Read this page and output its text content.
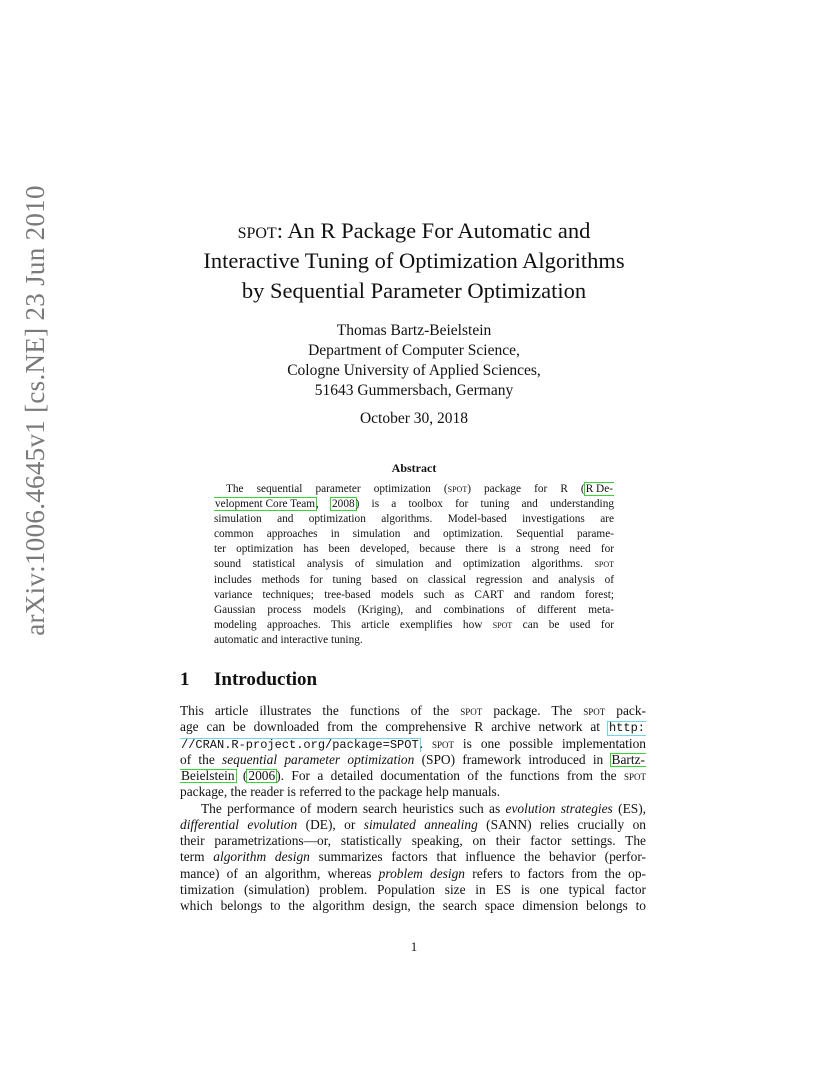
arXiv:1006.4645v1 [cs.NE] 23 Jun 2010	spot: An R Package For Automatic and
Interactive Tuning of Optimization Algorithms
by Sequential Parameter Optimization
Thomas Bartz-Beielstein
Department of Computer Science,
Cologne University of Applied Sciences,
51643 Gummersbach, Germany
October 30, 2018
Abstract
The sequential parameter optimization (spot) package for R (R De-
velopment Core Team, 2008) is a toolbox for tuning and understanding
simulation and optimization algorithms. Model-based investigations are
common approaches in simulation and optimization. Sequential parame-
ter optimization has been developed, because there is a strong need for
sound statistical analysis of simulation and optimization algorithms. spot
includes methods for tuning based on classical regression and analysis of
variance techniques; tree-based models such as CART and random forest;
Gaussian process models (Kriging), and combinations of different meta-
modeling approaches. This article exemplifies how spot can be used for
automatic and interactive tuning.
1 Introduction
This article illustrates the functions of the spot package. The spot pack-
age can be downloaded from the comprehensive R archive network at http:
//CRAN.R-project.org/package=SPOT. spot is one possible implementation
of the sequential parameter optimization (SPO) framework introduced in Bartz-
Beielstein (2006). For a detailed documentation of the functions from the spot
package, the reader is referred to the package help manuals.
The performance of modern search heuristics such as evolution strategies (ES),
differential evolution (DE), or simulated annealing (SANN) relies crucially on
their parametrizations—or, statistically speaking, on their factor settings. The
term algorithm design summarizes factors that influence the behavior (perfor-
mance) of an algorithm, whereas problem design refers to factors from the op-
timization (simulation) problem. Population size in ES is one typical factor
which belongs to the algorithm design, the search space dimension belongs to
1
